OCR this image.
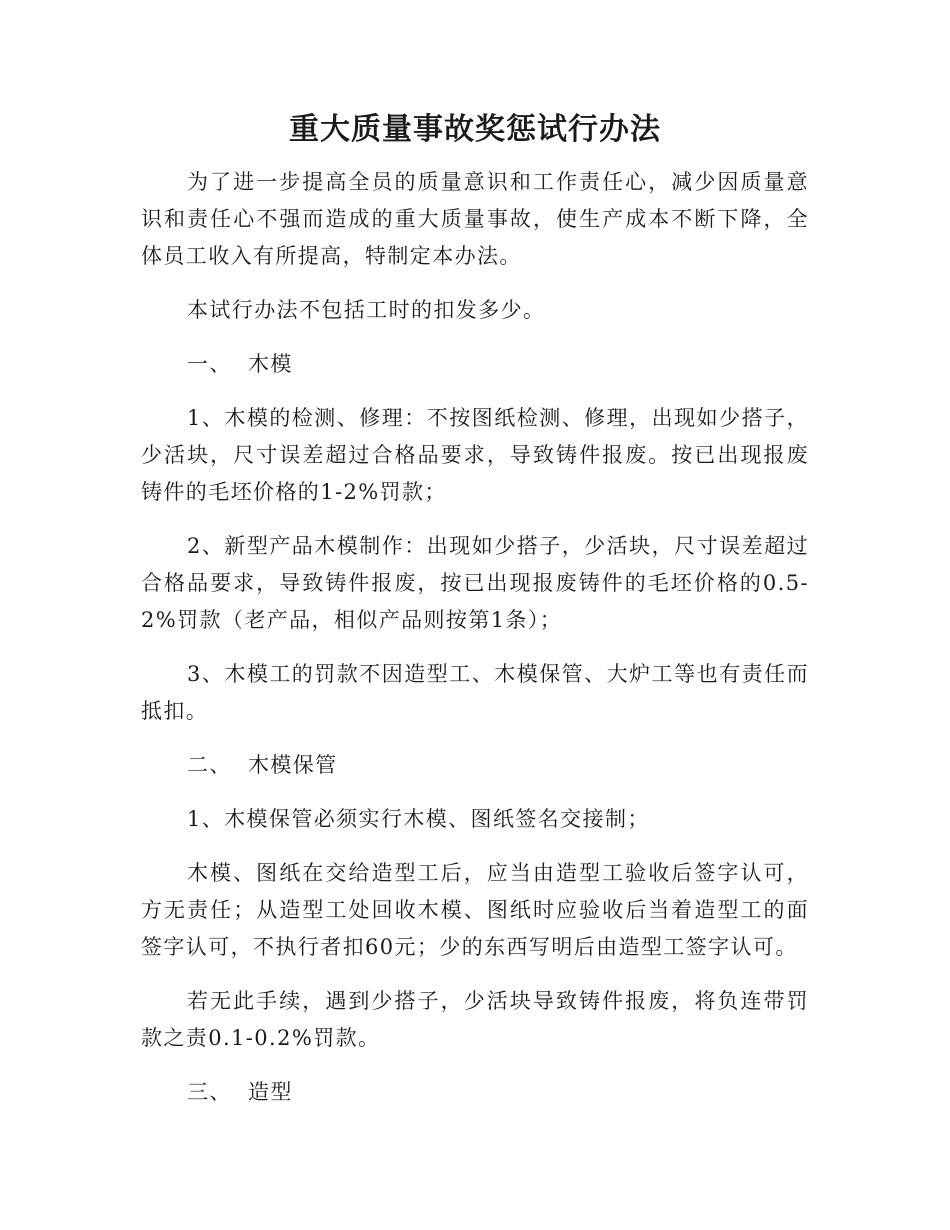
重大质量事故奖惩试行办法

为了进一步提高全员的质量意识和工作责任心，减少因质量意识和责任心不强而造成的重大质量事故，使生产成本不断下降，全体员工收入有所提高，特制定本办法。

本试行办法不包括工时的扣发多少。

一、  木模

1、木模的检测、修理：不按图纸检测、修理，出现如少搭子，少活块，尺寸误差超过合格品要求，导致铸件报废。按已出现报废铸件的毛坯价格的1-2%罚款；

2、新型产品木模制作：出现如少搭子，少活块，尺寸误差超过合格品要求，导致铸件报废，按已出现报废铸件的毛坯价格的0.5-2%罚款（老产品，相似产品则按第1条）；

3、木模工的罚款不因造型工、木模保管、大炉工等也有责任而抵扣。

二、  木模保管

1、木模保管必须实行木模、图纸签名交接制；

木模、图纸在交给造型工后，应当由造型工验收后签字认可，方无责任；从造型工处回收木模、图纸时应验收后当着造型工的面签字认可，不执行者扣60元；少的东西写明后由造型工签字认可。

若无此手续，遇到少搭子，少活块导致铸件报废，将负连带罚款之责0.1-0.2%罚款。

三、  造型
